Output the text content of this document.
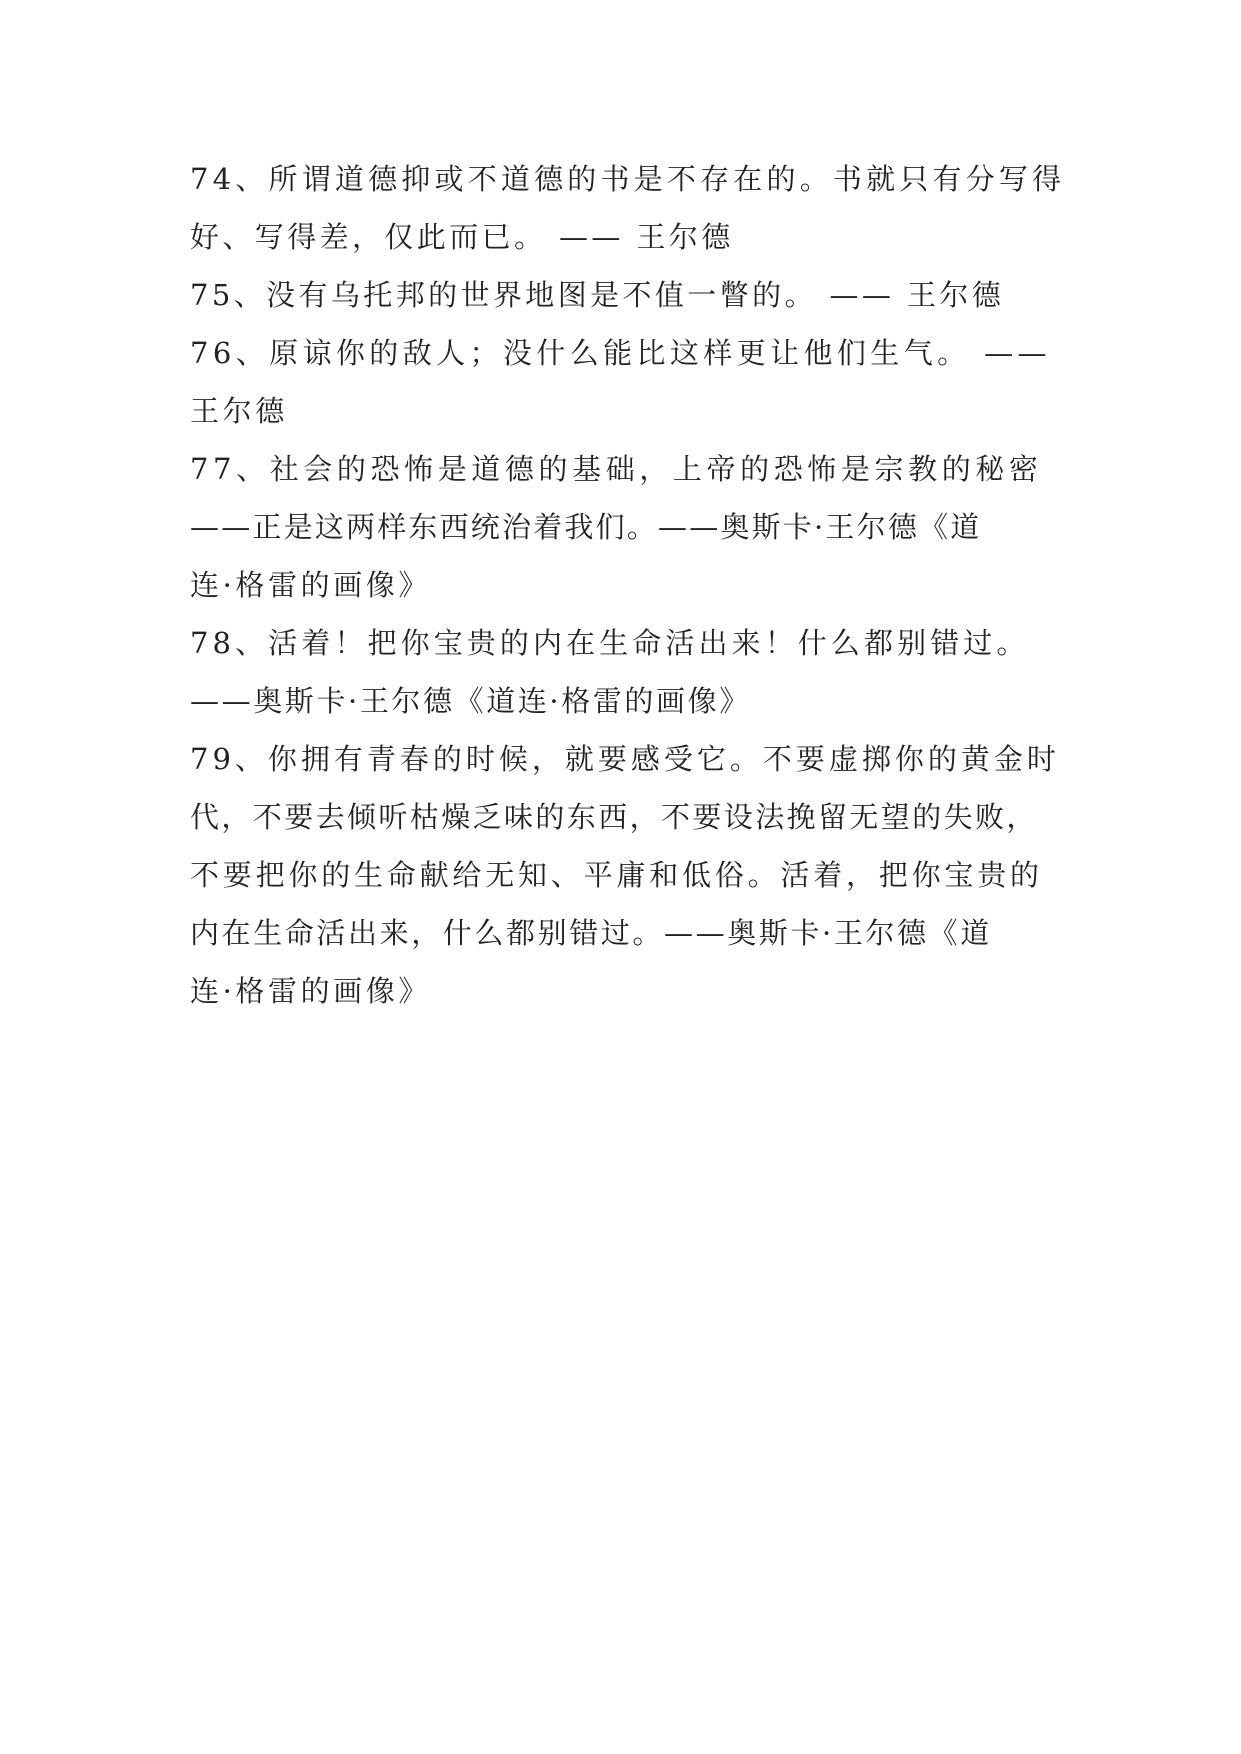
74、所谓道德抑或不道德的书是不存在的。书就只有分写得
好、写得差，仅此而已。 —— 王尔德
75、没有乌托邦的世界地图是不值一瞥的。 —— 王尔德
76、原谅你的敌人；没什么能比这样更让他们生气。 ——
王尔德
77、社会的恐怖是道德的基础，上帝的恐怖是宗教的秘密
——正是这两样东西统治着我们。——奥斯卡·王尔德《道
连·格雷的画像》
78、活着！把你宝贵的内在生命活出来！什么都别错过。
——奥斯卡·王尔德《道连·格雷的画像》
79、你拥有青春的时候，就要感受它。不要虚掷你的黄金时
代，不要去倾听枯燥乏味的东西，不要设法挽留无望的失败，
不要把你的生命献给无知、平庸和低俗。活着，把你宝贵的
内在生命活出来，什么都别错过。——奥斯卡·王尔德《道
连·格雷的画像》
